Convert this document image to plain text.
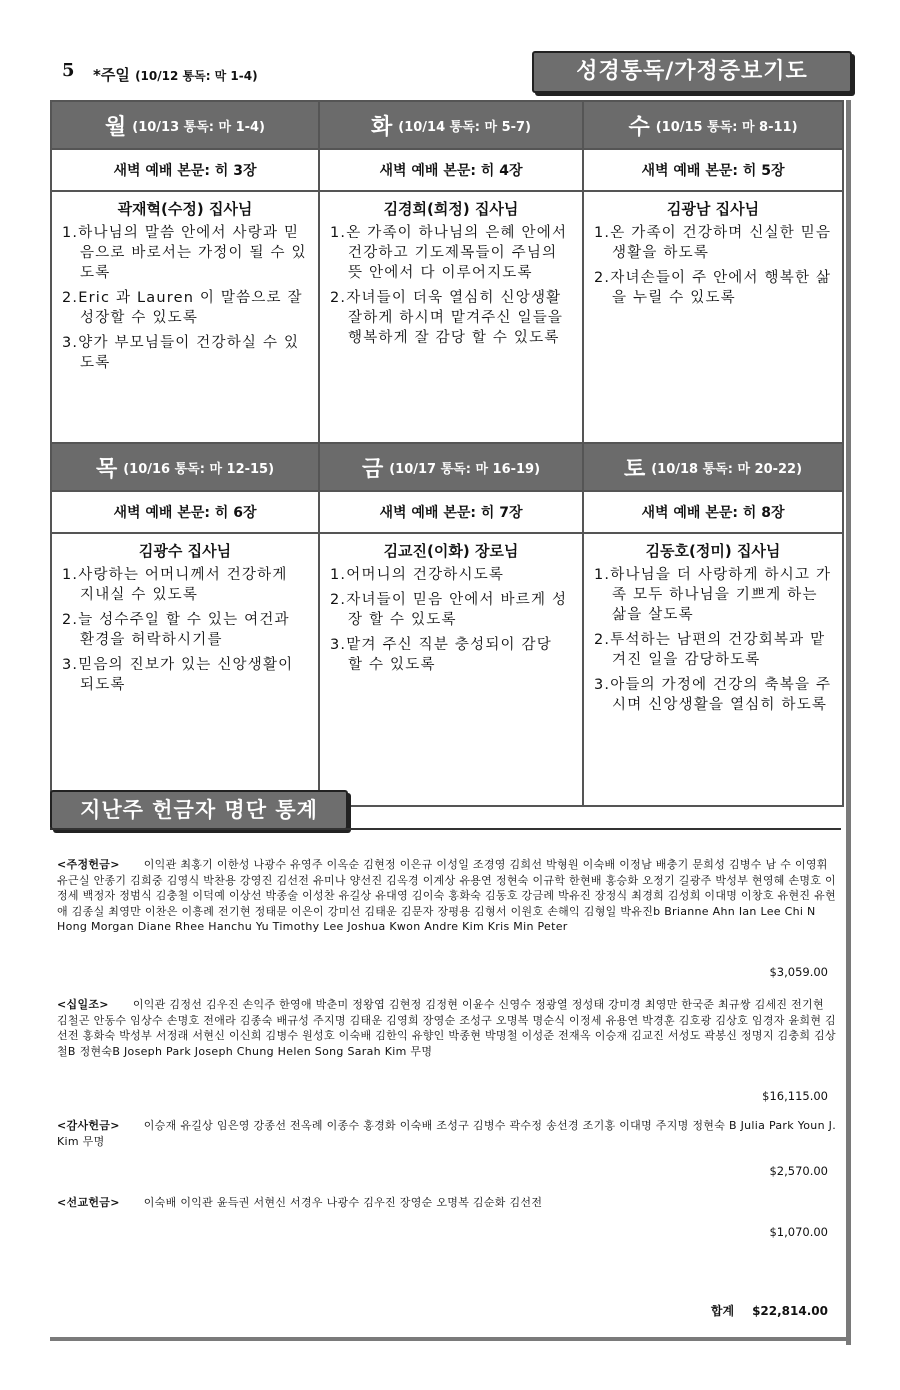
5 *주일 (10/12 통독: 막 1-4)	성경통독/가정중보기도
월 (10/13 통독: 마 1-4)
새벽 예배 본문: 히 3장
곽재혁(수정) 집사님
1.하나님의 말씀 안에서 사랑과 믿음으로 바로서는 가정이 될 수 있도록
2.Eric 과 Lauren 이 말씀으로 잘 성장할 수 있도록
3.양가 부모님들이 건강하실 수 있도록
화 (10/14 통독: 마 5-7)
새벽 예배 본문: 히 4장
김경희(희정) 집사님
1.온 가족이 하나님의 은혜 안에서 건강하고 기도제목들이 주님의 뜻 안에서 다 이루어지도록
2.자녀들이 더욱 열심히 신앙생활 잘하게 하시며 맡겨주신 일들을 행복하게 잘 감당 할 수 있도록
수 (10/15 통독: 마 8-11)
새벽 예배 본문: 히 5장
김광남 집사님
1.온 가족이 건강하며 신실한 믿음생활을 하도록
2.자녀손들이 주 안에서 행복한 삶을 누릴 수 있도록
목 (10/16 통독: 마 12-15)
새벽 예배 본문: 히 6장
김광수 집사님
1.사랑하는 어머니께서 건강하게 지내실 수 있도록
2.늘 성수주일 할 수 있는 여건과 환경을 허락하시기를
3.믿음의 진보가 있는 신앙생활이 되도록
금 (10/17 통독: 마 16-19)
새벽 예배 본문: 히 7장
김교진(이화) 장로님
1.어머니의 건강하시도록
2.자녀들이 믿음 안에서 바르게 성장 할 수 있도록
3.맡겨 주신 직분 충성되이 감당 할 수 있도록
토 (10/18 통독: 마 20-22)
새벽 예배 본문: 히 8장
김동호(정미) 집사님
1.하나님을 더 사랑하게 하시고 가족 모두 하나님을 기쁘게 하는 삶을 살도록
2.투석하는 남편의 건강회복과 맡겨진 일을 감당하도록
3.아들의 가정에 건강의 축복을 주시며 신앙생활을 열심히 하도록
지난주 헌금자 명단 통계
<주정헌금> 이익관 최홍기 이한성 나광수 유영주 이옥순 김현정 이은규 이성일 조경영 김희선 박형원 이숙배 이정남 배충기 문희성 김병수 남 수 이영휘 유근실 안종기 김희중 김영식 박찬용 강영진 김선전 유미나 양선진 김옥경 이계상 유용연 정현숙 이규학 한현배 홍승화 오정기 길광주 박성부 현영혜 손명호 이정세 백정자 정범식 김충철 이덕예 이상선 박종술 이성찬 유길상 유대영 김이숙 홍화숙 김동호 강금례 박유진 장정식 최경희 김성희 이대명 이창호 유현진 유현애 김종실 최영만 이찬은 이흥례 전기현 정태문 이은이 강미선 김태운 김문자 장평용 김형서 이원호 손해익 김형일 박유진b Brianne Ahn Ian Lee Chi N Hong Morgan Diane Rhee Hanchu Yu Timothy Lee Joshua Kwon Andre Kim Kris Min Peter
$3,059.00
<십일조> 이익관 김정선 김우진 손익주 한영애 박춘미 정왕엽 김현정 김정현 이윤수 신영수 정광열 정성태 강미경 최영만 한국준 최규쌍 김세진 전기현 김철곤 안동수 임상수 손명호 전애라 김종숙 배규성 주지명 김태운 김영희 장영순 조성구 오명복 명순식 이정세 유용연 박경훈 김호광 김상호 임경자 윤희현 김선전 홍화숙 박성부 서정래 서현신 이신희 김병수 원성호 이숙배 김한익 유향인 박종현 박명철 이성준 전재옥 이승재 김교진 서성도 곽봉신 정명지 김충희 김상철B 정현숙B Joseph Park Joseph Chung Helen Song Sarah Kim 무명
$16,115.00
<감사헌금> 이승재 유길상 임은영 강종선 전옥례 이종수 홍경화 이숙배 조성구 김병수 곽수정 송선경 조기홍 이대명 주지명 정현숙 B Julia Park Youn J. Kim 무명
$2,570.00
<선교헌금> 이숙배 이익관 윤득권 서현신 서경우 나광수 김우진 장영순 오명복 김순화 김선전
$1,070.00
합계 $22,814.00
